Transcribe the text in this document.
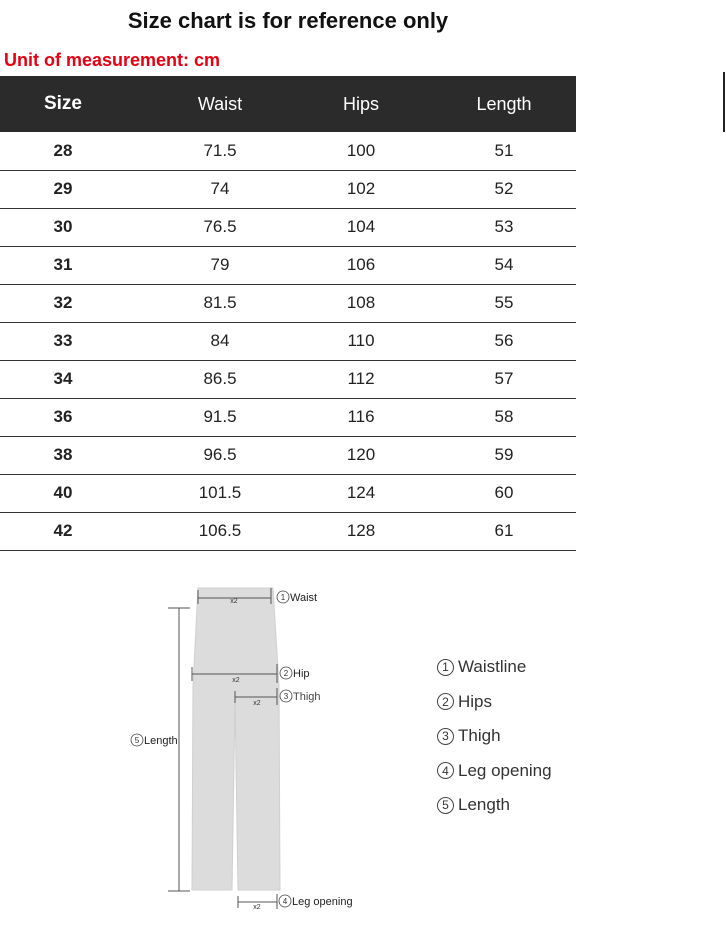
Size chart is for reference only
Unit of measurement: cm
Size	Waist	Hips	Length
28	71.5	100	51
29	74	102	52
30	76.5	104	53
31	79	106	54
32	81.5	108	55
33	84	110	56
34	86.5	112	57
36	91.5	116	58
38	96.5	120	59
40	101.5	124	60
42	106.5	128	61
x2	1 Waist
x2
2 Hip
x2
3 Thigh
5 Length
x2
4 Leg opening
1 Waistline
2 Hips
3 Thigh
4 Leg opening
5 Length
